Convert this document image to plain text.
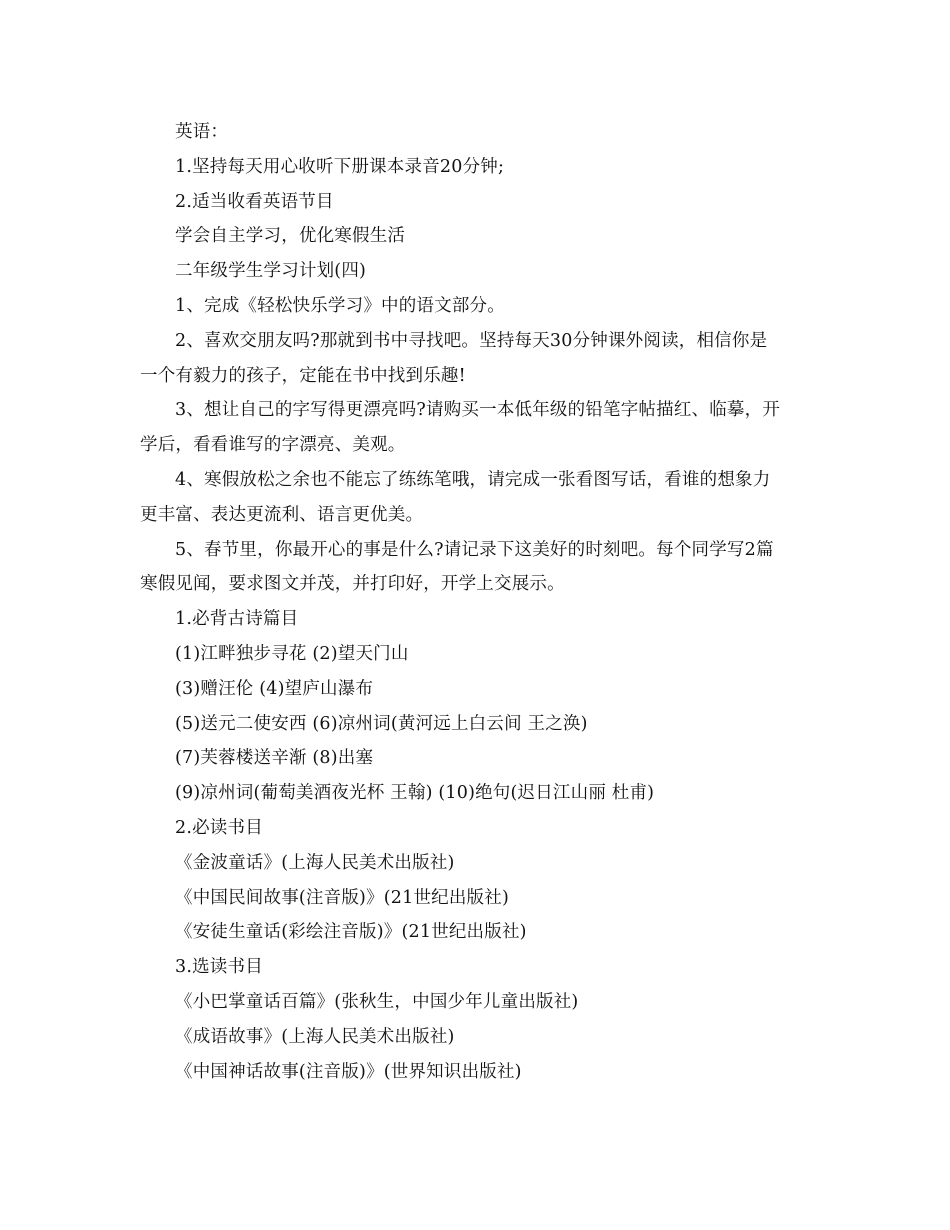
英语：

1.坚持每天用心收听下册课本录音20分钟;

2.适当收看英语节目

学会自主学习，优化寒假生活

二年级学生学习计划(四)

1、完成《轻松快乐学习》中的语文部分。

2、喜欢交朋友吗?那就到书中寻找吧。坚持每天30分钟课外阅读，相信你是

一个有毅力的孩子，定能在书中找到乐趣!

3、想让自己的字写得更漂亮吗?请购买一本低年级的铅笔字帖描红、临摹，开

学后，看看谁写的字漂亮、美观。

4、寒假放松之余也不能忘了练练笔哦，请完成一张看图写话，看谁的想象力

更丰富、表达更流利、语言更优美。

5、春节里，你最开心的事是什么?请记录下这美好的时刻吧。每个同学写2篇

寒假见闻，要求图文并茂，并打印好，开学上交展示。

1.必背古诗篇目

(1)江畔独步寻花 (2)望天门山

(3)赠汪伦 (4)望庐山瀑布

(5)送元二使安西 (6)凉州词(黄河远上白云间 王之涣)

(7)芙蓉楼送辛渐 (8)出塞

(9)凉州词(葡萄美酒夜光杯 王翰) (10)绝句(迟日江山丽 杜甫)

2.必读书目

《金波童话》(上海人民美术出版社)

《中国民间故事(注音版)》(21世纪出版社)

《安徒生童话(彩绘注音版)》(21世纪出版社)

3.选读书目

《小巴掌童话百篇》(张秋生，中国少年儿童出版社)

《成语故事》(上海人民美术出版社)

《中国神话故事(注音版)》(世界知识出版社)
